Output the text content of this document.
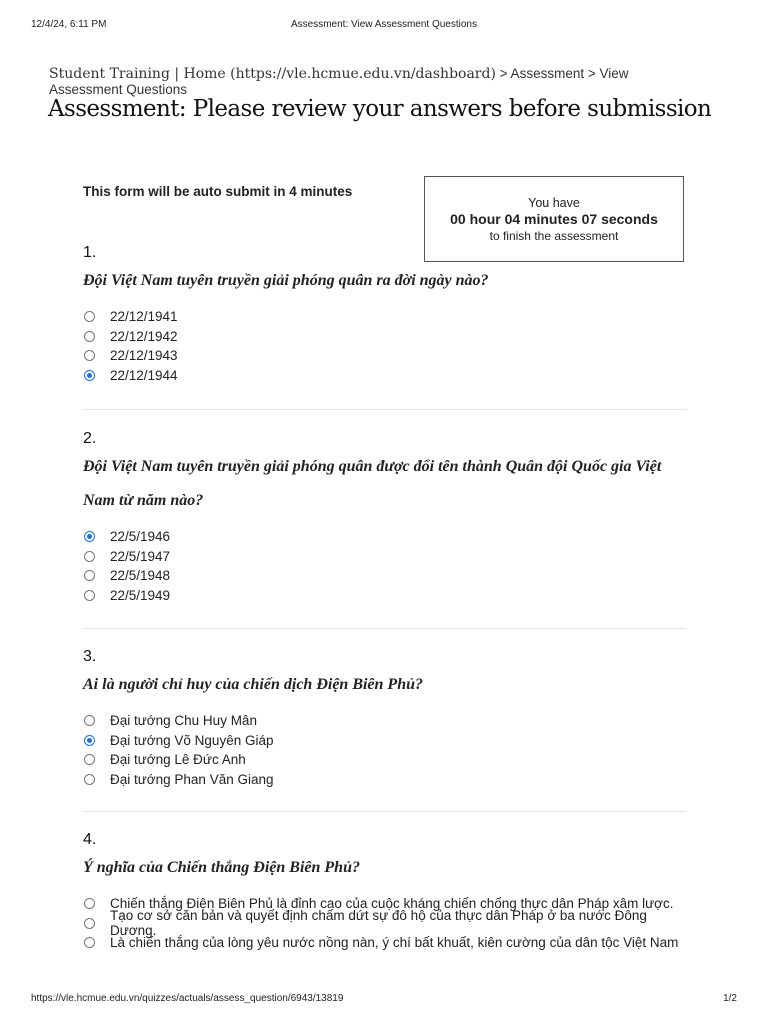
12/4/24, 6:11 PM	Assessment: View Assessment Questions
Student Training | Home (https://vle.hcmue.edu.vn/dashboard) > Assessment > View
Assessment Questions
Assessment: Please review your answers before submission
This form will be auto submit in 4 minutes
You have
00 hour 04 minutes 07 seconds
to finish the assessment
1.
Đội Việt Nam tuyên truyền giải phóng quân ra đời ngày nào?
22/12/1941
22/12/1942
22/12/1943
22/12/1944
2.
Đội Việt Nam tuyên truyền giải phóng quân được đổi tên thành Quân đội Quốc gia Việt Nam từ năm nào?
22/5/1946
22/5/1947
22/5/1948
22/5/1949
3.
Ai là người chỉ huy của chiến dịch Điện Biên Phủ?
Đại tướng Chu Huy Mân
Đại tướng Võ Nguyên Giáp
Đại tướng Lê Đức Anh
Đại tướng Phan Văn Giang
4.
Ý nghĩa của Chiến thắng Điện Biên Phủ?
Chiến thắng Điện Biên Phủ là đỉnh cao của cuộc kháng chiến chống thực dân Pháp xâm lược.
Tạo cơ sở căn bản và quyết định chấm dứt sự đô hộ của thực dân Pháp ở ba nước Đông Dương.
Là chiến thắng của lòng yêu nước nồng nàn, ý chí bất khuất, kiên cường của dân tộc Việt Nam
https://vle.hcmue.edu.vn/quizzes/actuals/assess_question/6943/13819	1/2
